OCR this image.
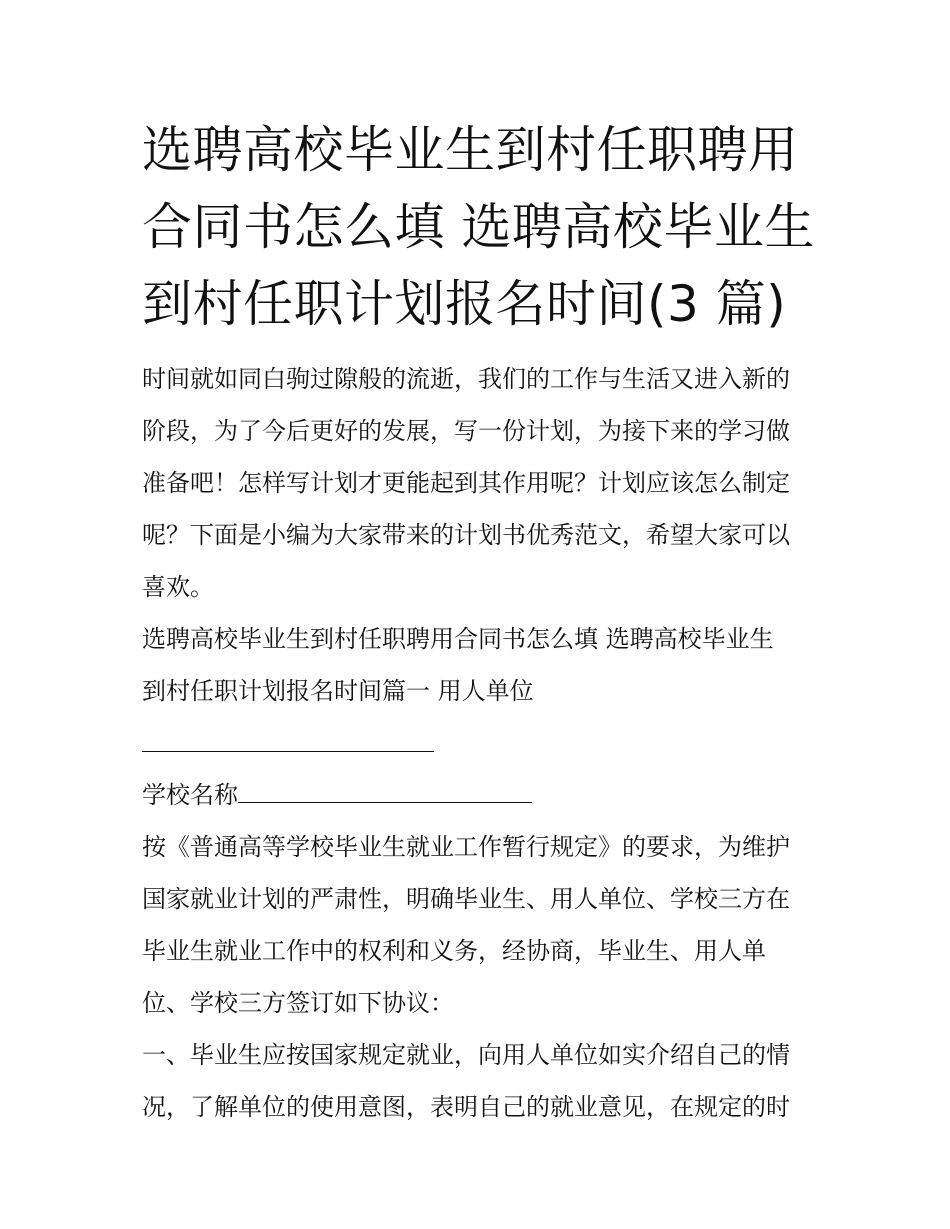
选聘高校毕业生到村任职聘用
合同书怎么填 选聘高校毕业生
到村任职计划报名时间(3 篇)
时间就如同白驹过隙般的流逝，我们的工作与生活又进入新的
阶段，为了今后更好的发展，写一份计划，为接下来的学习做
准备吧！怎样写计划才更能起到其作用呢？计划应该怎么制定
呢？下面是小编为大家带来的计划书优秀范文，希望大家可以
喜欢。
选聘高校毕业生到村任职聘用合同书怎么填 选聘高校毕业生
到村任职计划报名时间篇一 用人单位
学校名称
按《普通高等学校毕业生就业工作暂行规定》的要求，为维护
国家就业计划的严肃性，明确毕业生、用人单位、学校三方在
毕业生就业工作中的权利和义务，经协商，毕业生、用人单
位、学校三方签订如下协议：
一、毕业生应按国家规定就业，向用人单位如实介绍自己的情
况，了解单位的使用意图，表明自己的就业意见，在规定的时
